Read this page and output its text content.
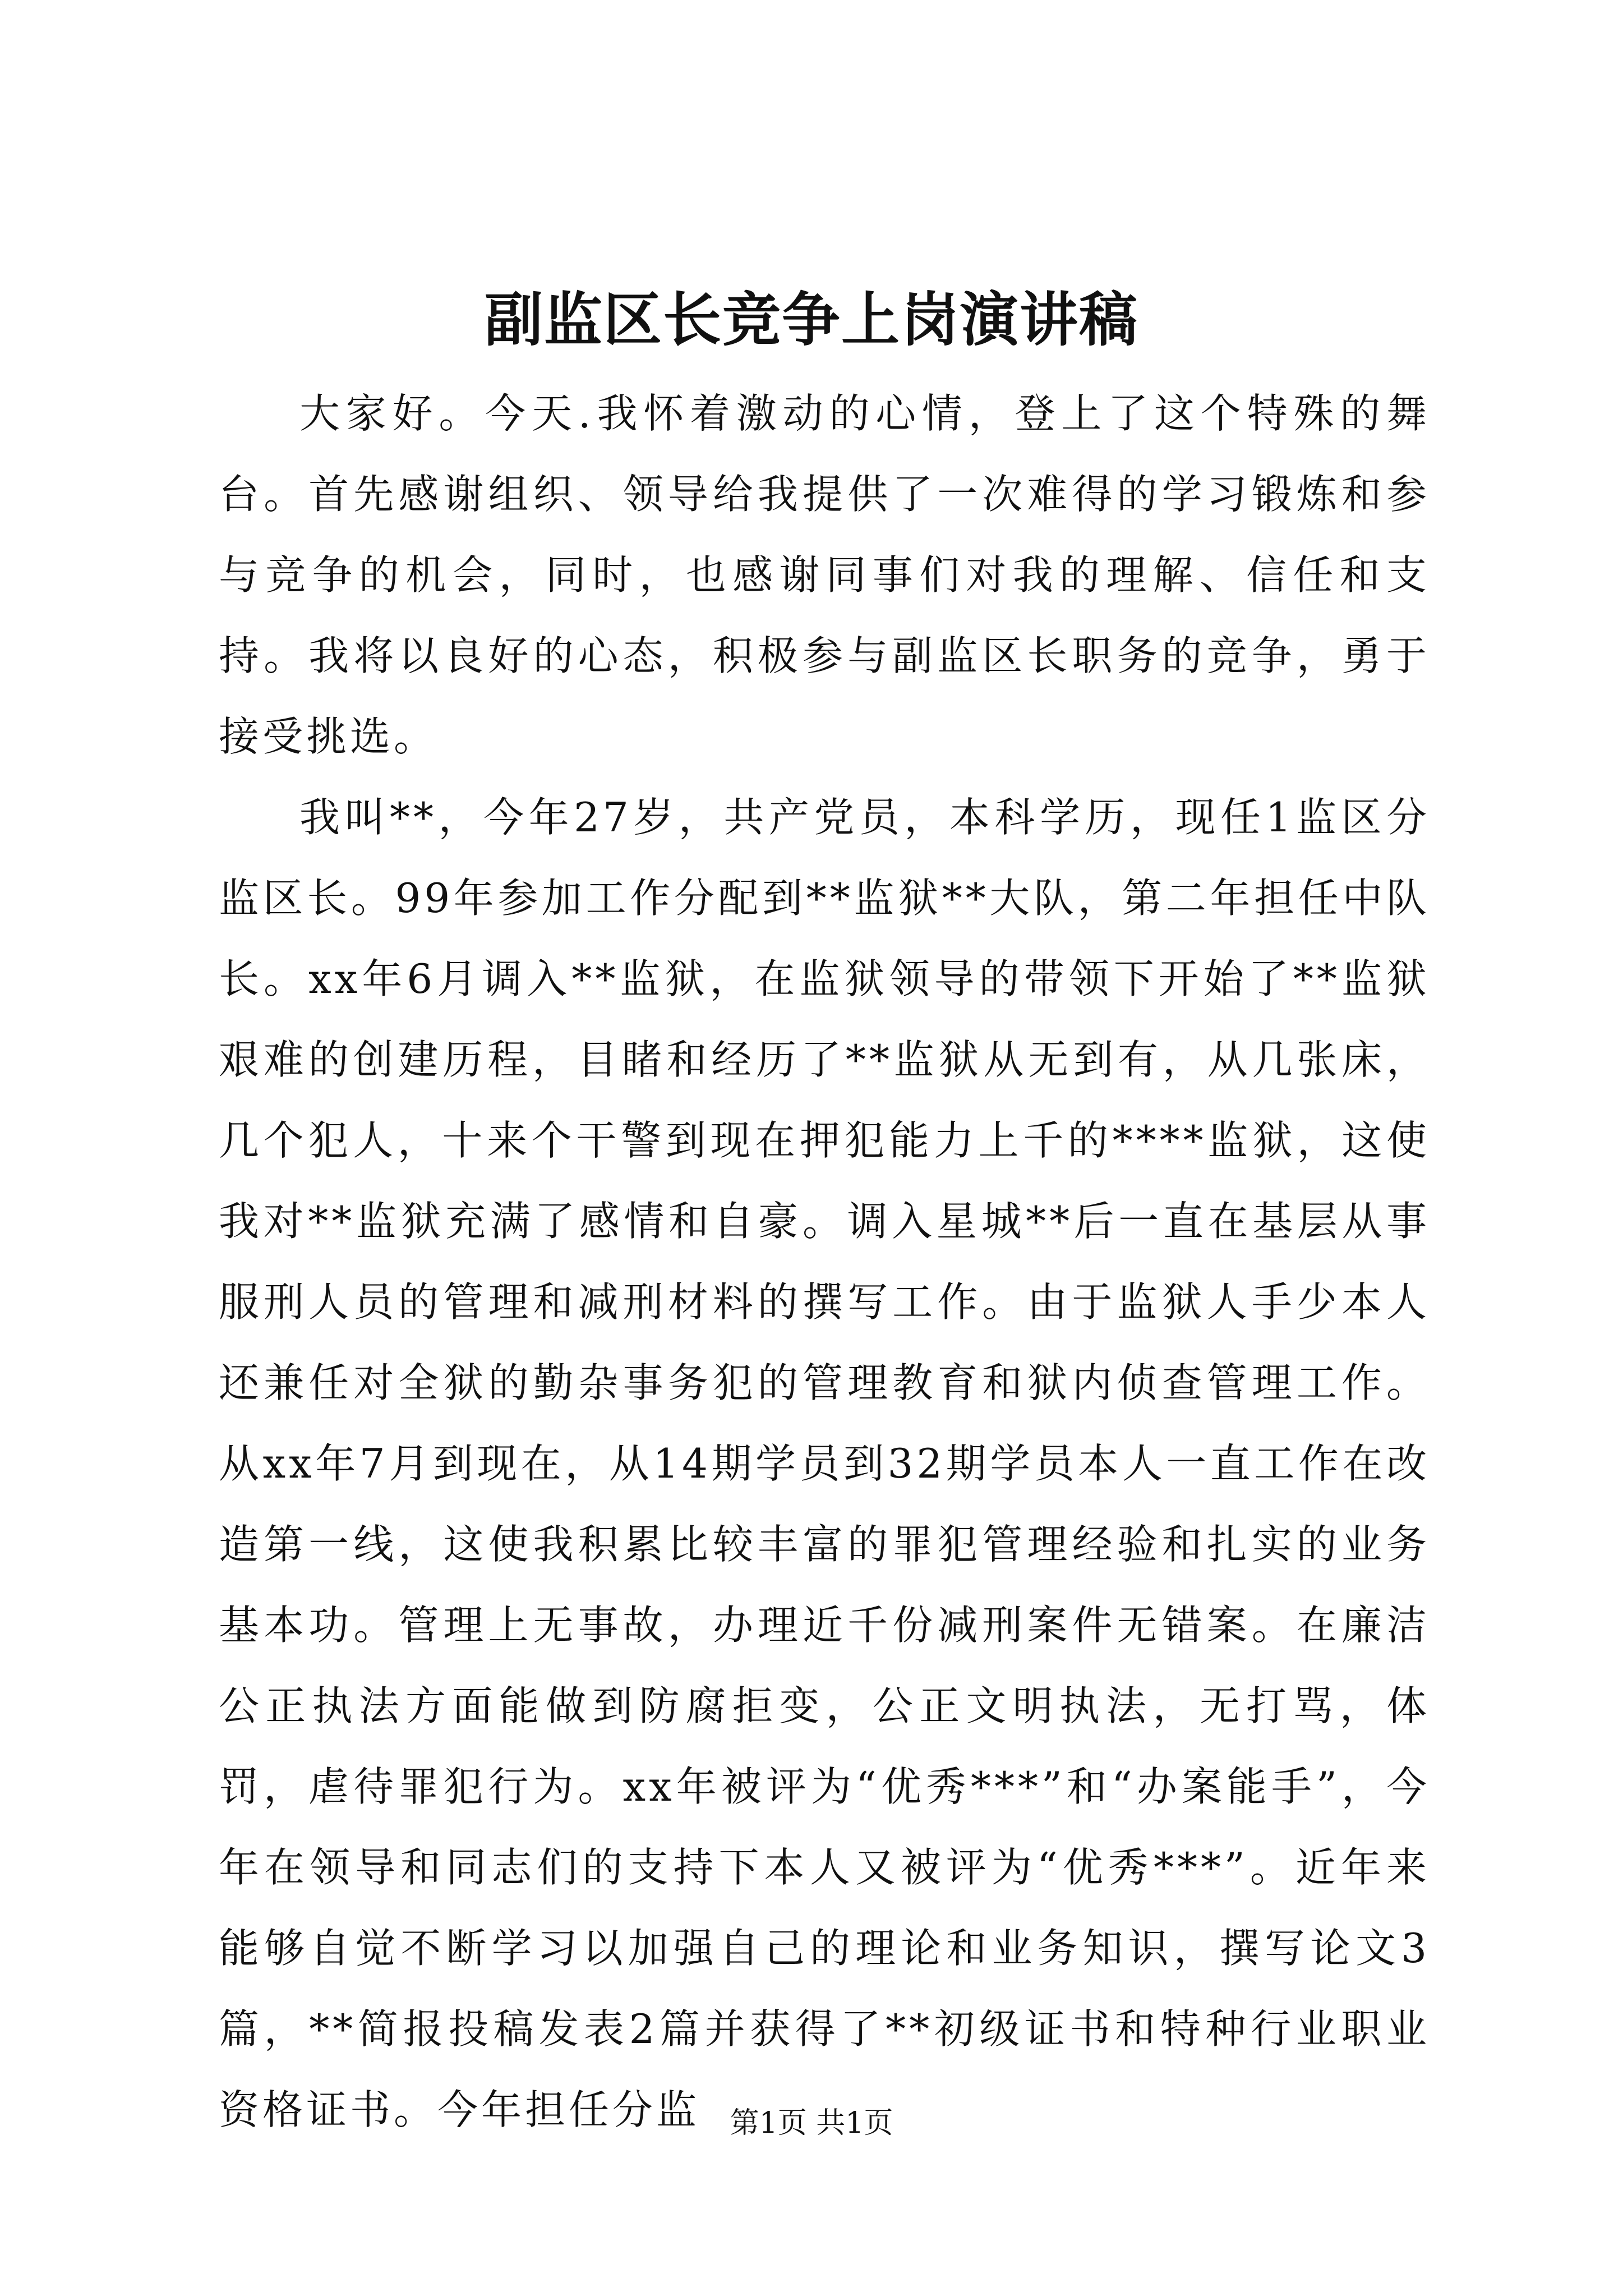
副监区长竞争上岗演讲稿

大家好。今天.我怀着激动的心情，登上了这个特殊的舞台。首先感谢组织、领导给我提供了一次难得的学习锻炼和参与竞争的机会，同时，也感谢同事们对我的理解、信任和支持。我将以良好的心态，积极参与副监区长职务的竞争，勇于接受挑选。

我叫**，今年27岁，共产党员，本科学历，现任1监区分监区长。99年参加工作分配到**监狱**大队，第二年担任中队长。xx年6月调入**监狱，在监狱领导的带领下开始了**监狱艰难的创建历程，目睹和经历了**监狱从无到有，从几张床，几个犯人，十来个干警到现在押犯能力上千的****监狱，这使我对**监狱充满了感情和自豪。调入星城**后一直在基层从事服刑人员的管理和减刑材料的撰写工作。由于监狱人手少本人还兼任对全狱的勤杂事务犯的管理教育和狱内侦查管理工作。从xx年7月到现在，从14期学员到32期学员本人一直工作在改造第一线，这使我积累比较丰富的罪犯管理经验和扎实的业务基本功。管理上无事故，办理近千份减刑案件无错案。在廉洁公正执法方面能做到防腐拒变，公正文明执法，无打骂，体罚，虐待罪犯行为。xx年被评为“优秀***”和“办案能手”，今年在领导和同志们的支持下本人又被评为“优秀***”。近年来能够自觉不断学习以加强自己的理论和业务知识，撰写论文3篇，**简报投稿发表2篇并获得了**初级证书和特种行业职业资格证书。今年担任分监	第1页 共1页
